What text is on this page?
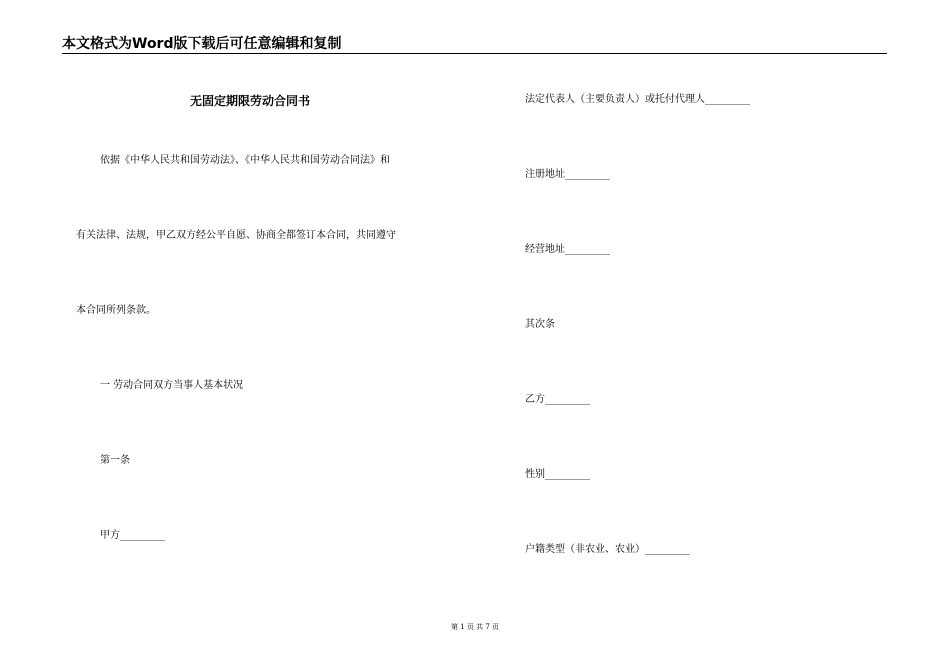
本文格式为Word版下载后可任意编辑和复制
无固定期限劳动合同书
依据《中华人民共和国劳动法》、《中华人民共和国劳动合同法》和
有关法律、法规，甲乙双方经公平自愿、协商全都签订本合同，共同遵守
本合同所列条款。
一 劳动合同双方当事人基本状况
第一条
甲方_________
法定代表人（主要负责人）或托付代理人_________
注册地址_________
经营地址_________
其次条
乙方_________
性别_________
户籍类型（非农业、农业）_________
第 1 页 共 7 页
